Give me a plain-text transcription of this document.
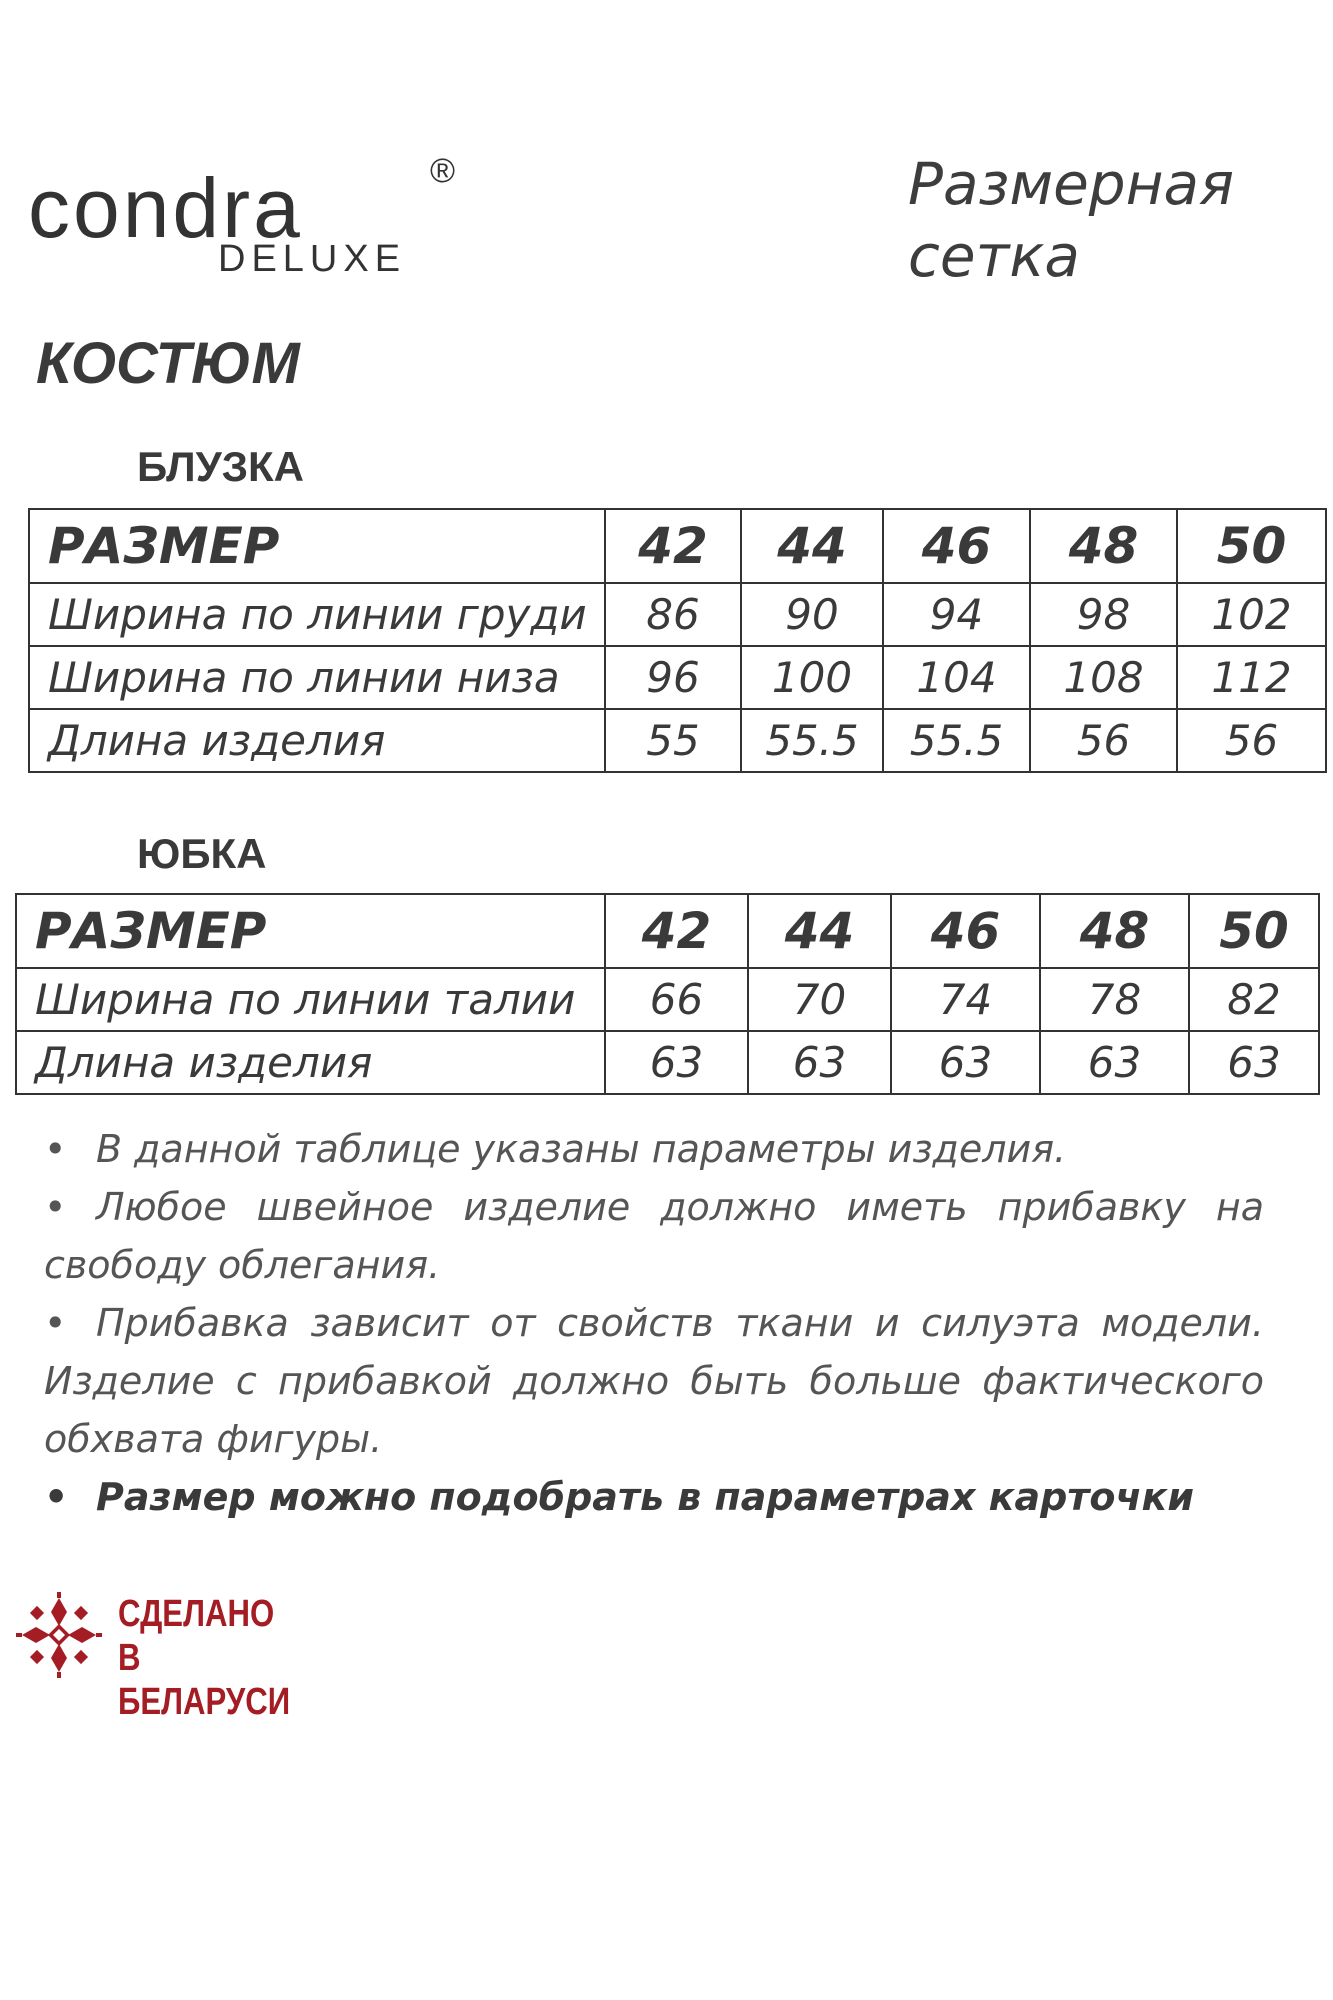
condra	®
DELUXE
Размерная
сетка
КОСТЮМ
БЛУЗКА
РАЗМЕР	42	44	46	48	50
Ширина по линии груди	86	90	94	98	102
Ширина по линии низа	96	100	104	108	112
Длина изделия	55	55.5	55.5	56	56
ЮБКА
РАЗМЕР	42	44	46	48	50
Ширина по линии талии	66	70	74	78	82
Длина изделия	63	63	63	63	63

• В данной таблице указаны параметры изделия.

• Любое швейное изделие должно иметь прибавку на свободу облегания.

• Прибавка зависит от свойств ткани и силуэта модели. Изделие с прибавкой должно быть больше фактического обхвата фигуры.

• Размер можно подобрать в параметрах карточки

СДЕЛАНО
В БЕЛАРУСИ
